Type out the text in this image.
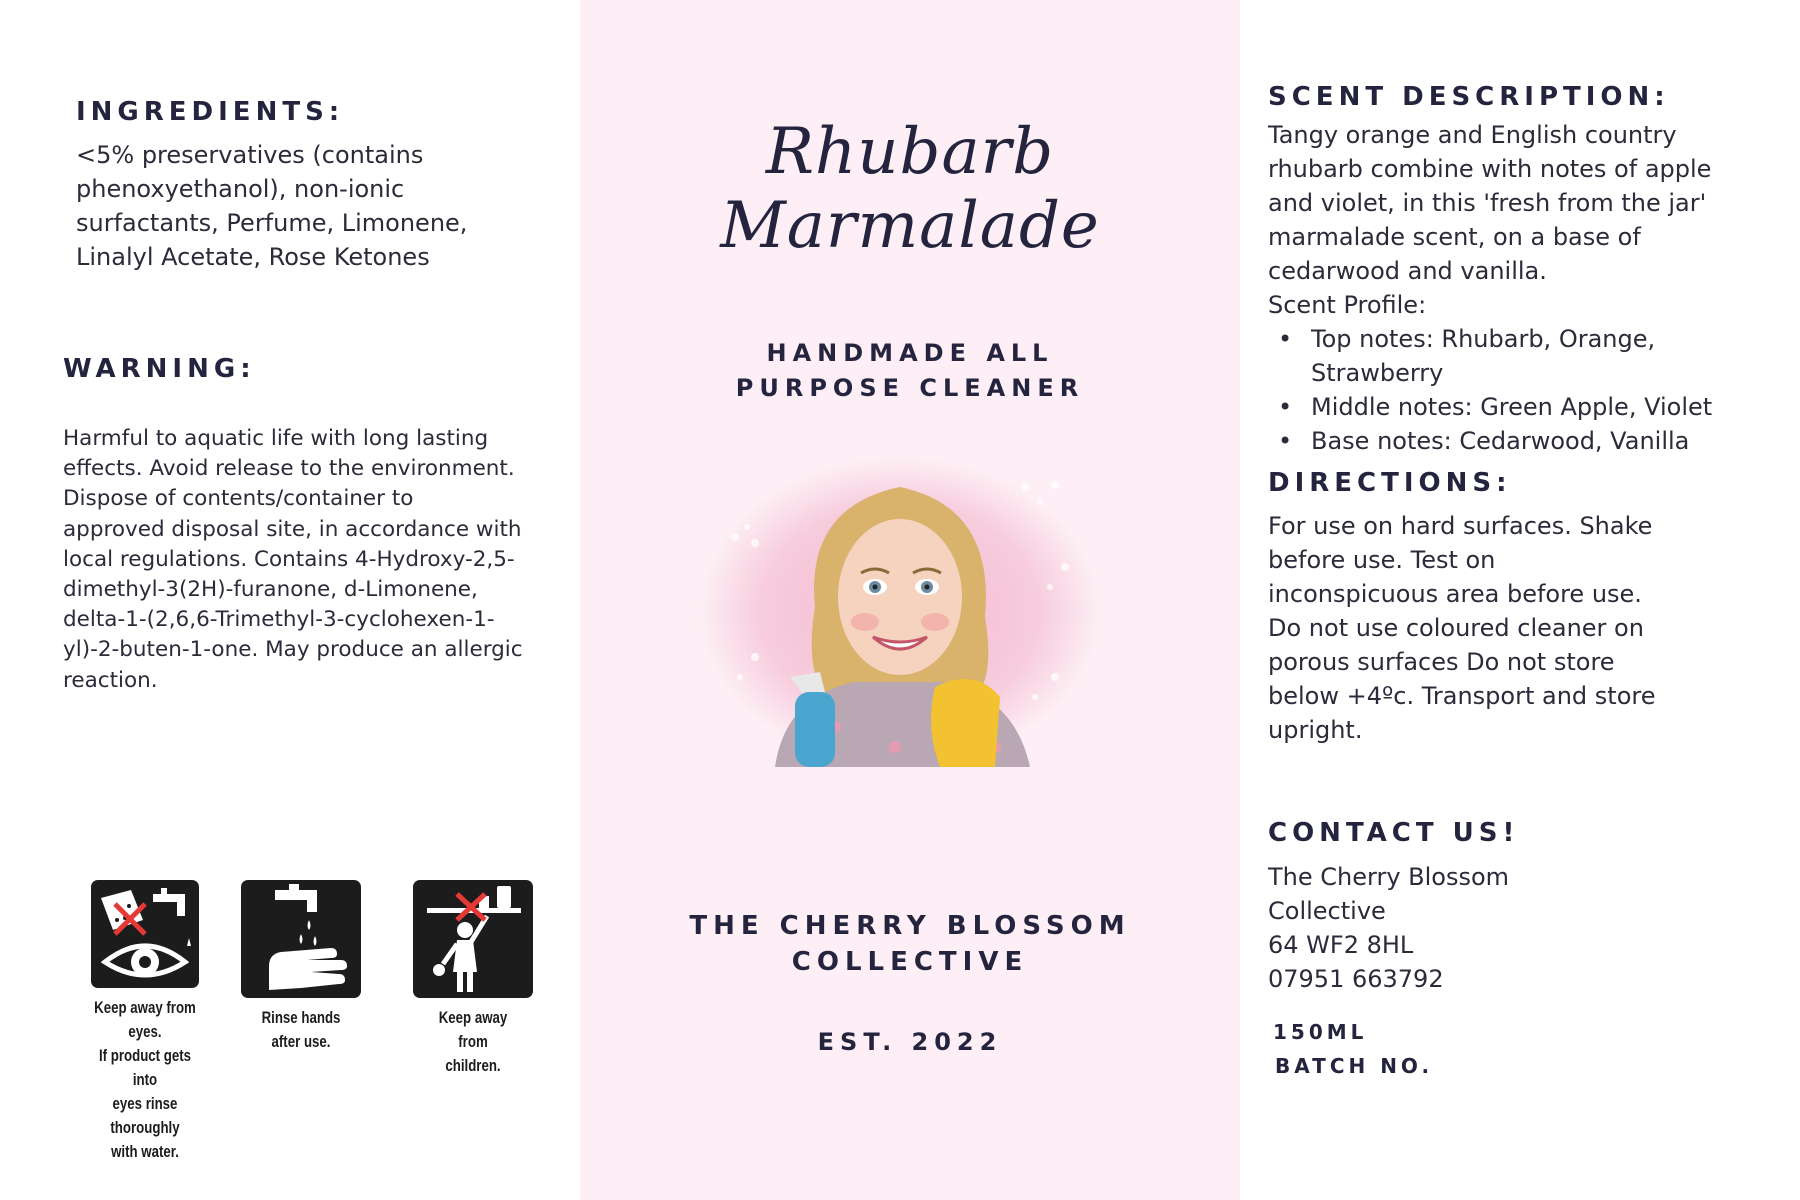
INGREDIENTS:
<5% preservatives (contains
phenoxyethanol), non-ionic
surfactants, Perfume, Limonene,
Linalyl Acetate, Rose Ketones
WARNING:
Harmful to aquatic life with long lasting
effects. Avoid release to the environment.
Dispose of contents/container to
approved disposal site, in accordance with
local regulations. Contains 4-Hydroxy-2,5-
dimethyl-3(2H)-furanone, d-Limonene,
delta-1-(2,6,6-Trimethyl-3-cyclohexen-1-
yl)-2-buten-1-one. May produce an allergic
reaction.
Keep away from eyes.
If product gets into
eyes rinse thoroughly
with water.
Rinse hands
after use.
Keep away
from
children.
Rhubarb Marmalade
HANDMADE ALL
PURPOSE CLEANER
THE CHERRY BLOSSOM
COLLECTIVE
EST. 2022
SCENT DESCRIPTION:
Tangy orange and English country
rhubarb combine with notes of apple
and violet, in this 'fresh from the jar'
marmalade scent, on a base of
cedarwood and vanilla.
Scent Profile:
• Top notes: Rhubarb, Orange,
Strawberry
• Middle notes: Green Apple, Violet
• Base notes: Cedarwood, Vanilla
DIRECTIONS:
For use on hard surfaces. Shake
before use. Test on
inconspicuous area before use.
Do not use coloured cleaner on
porous surfaces Do not store
below +4ºc. Transport and store
upright.
CONTACT US!
The Cherry Blossom
Collective
64 WF2 8HL
07951 663792
150ML
BATCH NO.
